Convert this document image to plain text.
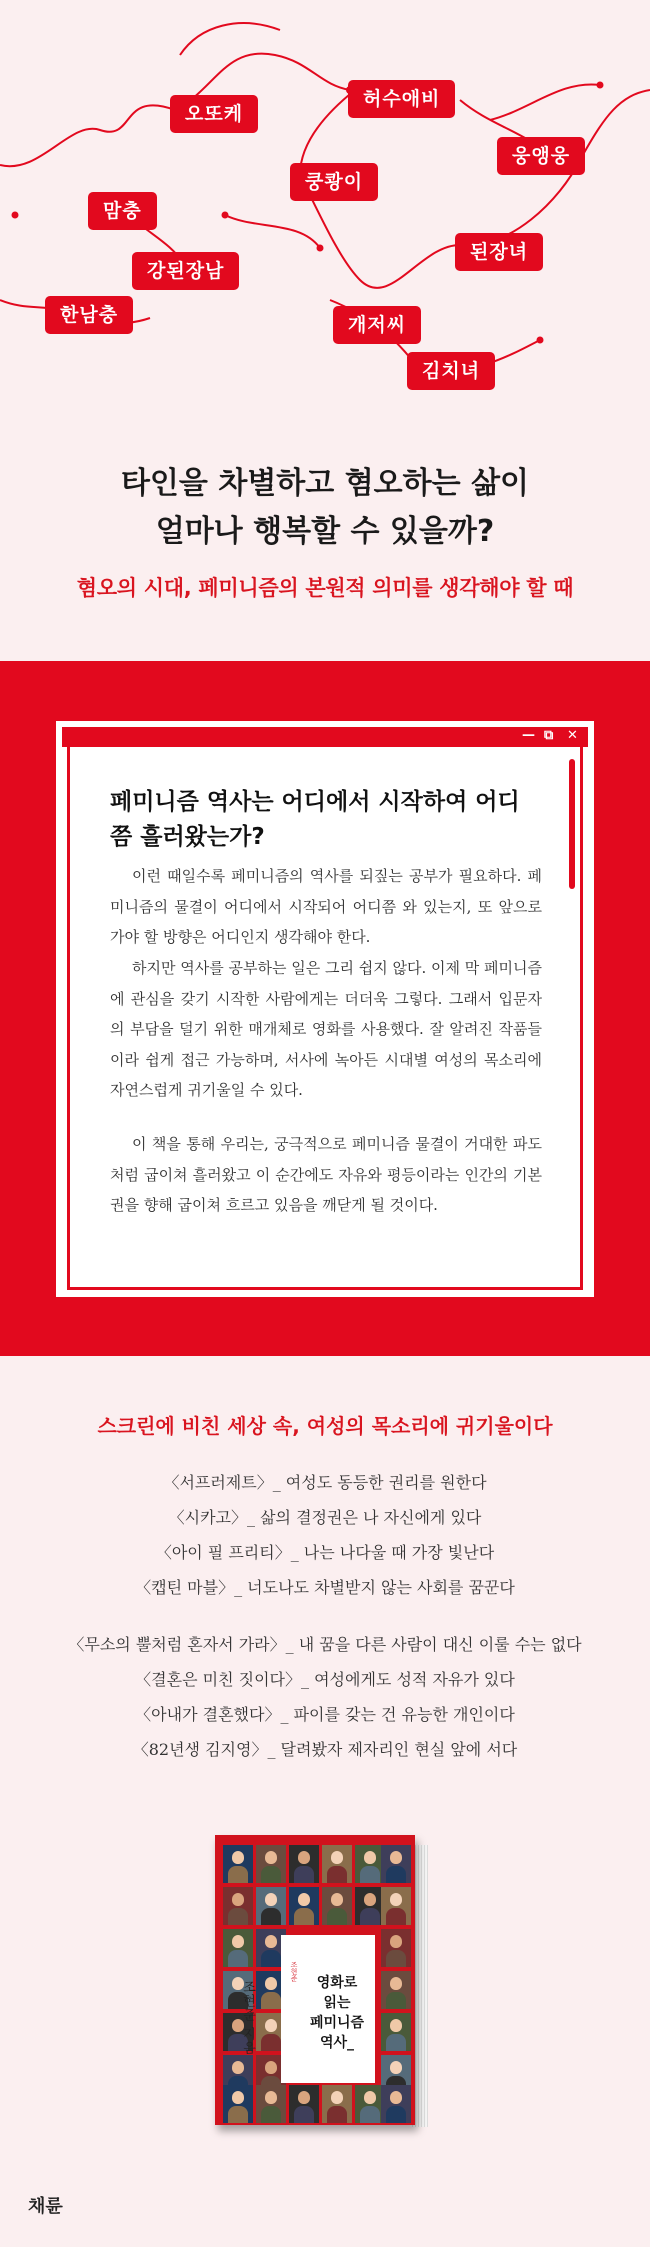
오또케
허수애비
웅앵웅
쿵쾅이
된장녀
맘충
강된장남
한남충	개저씨
김치녀
타인을 차별하고 혐오하는 삶이
얼마나 행복할 수 있을까?
혐오의 시대, 페미니즘의 본원적 의미를 생각해야 할 때
— ⧉ ✕
페미니즘 역사는 어디에서 시작하여 어디쯤 흘러왔는가?

이런 때일수록 페미니즘의 역사를 되짚는 공부가 필요하다. 페미니즘의 물결이 어디에서 시작되어 어디쯤 와 있는지, 또 앞으로 가야 할 방향은 어디인지 생각해야 한다.

하지만 역사를 공부하는 일은 그리 쉽지 않다. 이제 막 페미니즘에 관심을 갖기 시작한 사람에게는 더더욱 그렇다. 그래서 입문자의 부담을 덜기 위한 매개체로 영화를 사용했다. 잘 알려진 작품들이라 쉽게 접근 가능하며, 서사에 녹아든 시대별 여성의 목소리에 자연스럽게 귀기울일 수 있다.

이 책을 통해 우리는, 궁극적으로 페미니즘 물결이 거대한 파도처럼 굽이쳐 흘러왔고 이 순간에도 자유와 평등이라는 인간의 기본권을 향해 굽이쳐 흐르고 있음을 깨닫게 될 것이다.

스크린에 비친 세상 속, 여성의 목소리에 귀기울이다
〈서프러제트〉_ 여성도 동등한 권리를 원한다
〈시카고〉_ 삶의 결정권은 나 자신에게 있다
〈아이 필 프리티〉_ 나는 나다울 때 가장 빛난다
〈캡틴 마블〉_ 너도나도 차별받지 않는 사회를 꿈꾼다
〈무소의 뿔처럼 혼자서 가라〉_ 내 꿈을 다른 사람이 대신 이룰 수는 없다
〈결혼은 미친 짓이다〉_ 여성에게도 성적 자유가 있다
〈아내가 결혼했다〉_ 파이를 갖는 건 유능한 개인이다
〈82년생 김지영〉_ 달려봤자 제자리인 현실 앞에 서다
조현준
영화로
읽는
페미니즘
역사_
조현준 지음
채륜
